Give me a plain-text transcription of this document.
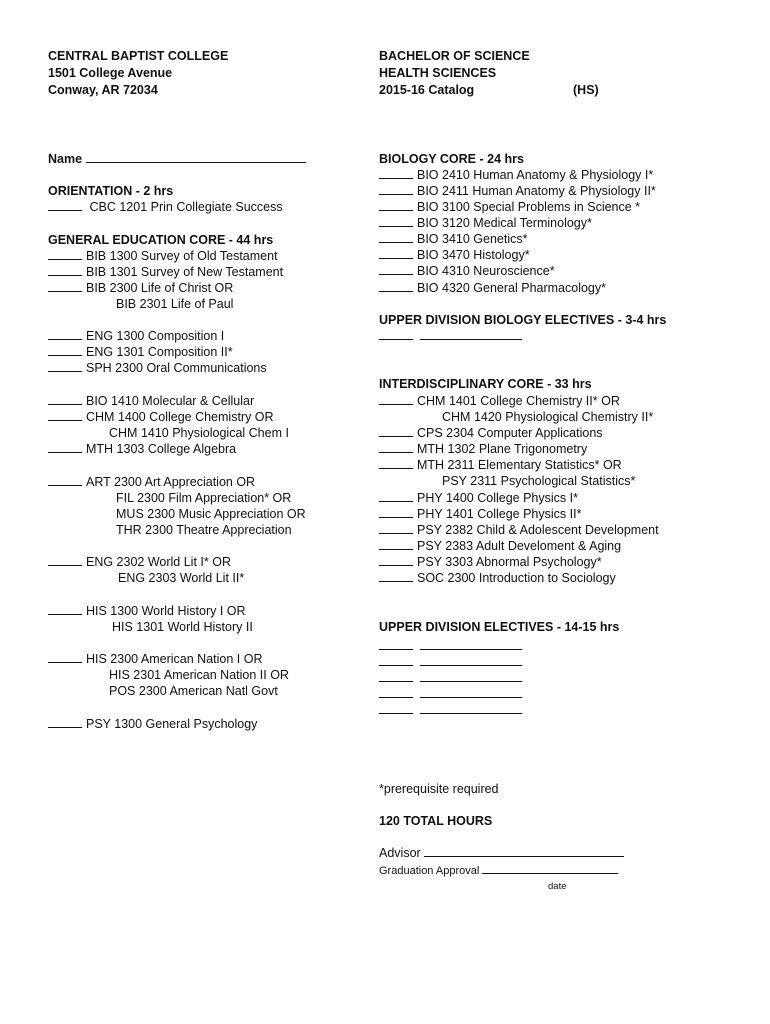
CENTRAL BAPTIST COLLEGE
1501 College Avenue
Conway, AR 72034
BACHELOR OF SCIENCE
HEALTH SCIENCES
2015-16 Catalog	(HS)
Name
ORIENTATION - 2 hrs
CBC 1201 Prin Collegiate Success
GENERAL EDUCATION CORE - 44 hrs
BIB 1300 Survey of Old Testament
BIB 1301 Survey of New Testament
BIB 2300 Life of Christ OR
BIB 2301 Life of Paul
ENG 1300 Composition I
ENG 1301 Composition II*
SPH 2300 Oral Communications
BIO 1410 Molecular & Cellular
CHM 1400 College Chemistry OR
CHM 1410 Physiological Chem I
MTH 1303 College Algebra
ART 2300 Art Appreciation OR
FIL 2300 Film Appreciation* OR
MUS 2300 Music Appreciation OR
THR 2300 Theatre Appreciation
ENG 2302 World Lit I* OR
ENG 2303 World Lit II*
HIS 1300 World History I OR
HIS 1301 World History II
HIS 2300 American Nation I OR
HIS 2301 American Nation II OR
POS 2300 American Natl Govt
PSY 1300 General Psychology
BIOLOGY CORE - 24 hrs
BIO 2410 Human Anatomy & Physiology I*
BIO 2411 Human Anatomy & Physiology II*
BIO 3100 Special Problems in Science *
BIO 3120 Medical Terminology*
BIO 3410 Genetics*
BIO 3470 Histology*
BIO 4310 Neuroscience*
BIO 4320 General Pharmacology*
UPPER DIVISION BIOLOGY ELECTIVES - 3-4 hrs

INTERDISCIPLINARY CORE - 33 hrs
CHM 1401 College Chemistry II* OR
CHM 1420 Physiological Chemistry II*
CPS 2304 Computer Applications
MTH 1302 Plane Trigonometry
MTH 2311 Elementary Statistics* OR
PSY 2311 Psychological Statistics*
PHY 1400 College Physics I*
PHY 1401 College Physics II*
PSY 2382 Child & Adolescent Development
PSY 2383 Adult Develoment & Aging
PSY 3303 Abnormal Psychology*
SOC 2300 Introduction to Sociology
UPPER DIVISION ELECTIVES - 14-15 hrs

*prerequisite required
120 TOTAL HOURS
Advisor
Graduation Approval
date
